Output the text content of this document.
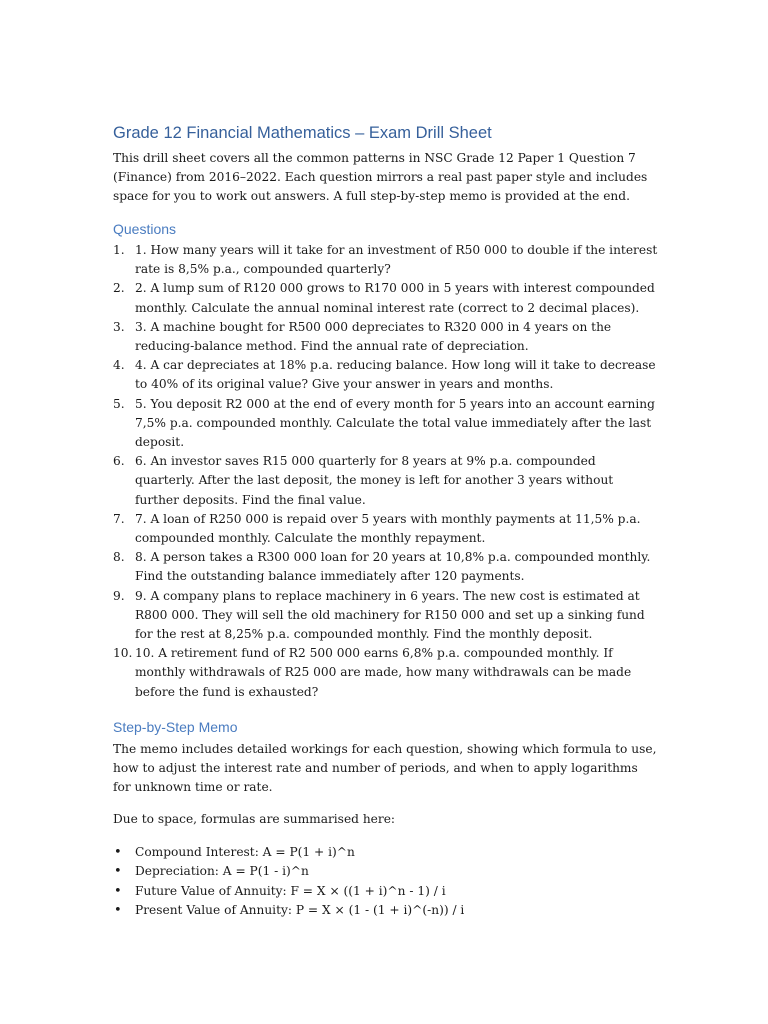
Grade 12 Financial Mathematics – Exam Drill Sheet

This drill sheet covers all the common patterns in NSC Grade 12 Paper 1 Question 7 (Finance) from 2016–2022. Each question mirrors a real past paper style and includes space for you to work out answers. A full step-by-step memo is provided at the end.

Questions
1. 1. How many years will it take for an investment of R50 000 to double if the interest rate is 8,5% p.a., compounded quarterly?
2. 2. A lump sum of R120 000 grows to R170 000 in 5 years with interest compounded monthly. Calculate the annual nominal interest rate (correct to 2 decimal places).
3. 3. A machine bought for R500 000 depreciates to R320 000 in 4 years on the reducing-balance method. Find the annual rate of depreciation.
4. 4. A car depreciates at 18% p.a. reducing balance. How long will it take to decrease to 40% of its original value? Give your answer in years and months.
5. 5. You deposit R2 000 at the end of every month for 5 years into an account earning 7,5% p.a. compounded monthly. Calculate the total value immediately after the last deposit.
6. 6. An investor saves R15 000 quarterly for 8 years at 9% p.a. compounded quarterly. After the last deposit, the money is left for another 3 years without further deposits. Find the final value.
7. 7. A loan of R250 000 is repaid over 5 years with monthly payments at 11,5% p.a. compounded monthly. Calculate the monthly repayment.
8. 8. A person takes a R300 000 loan for 20 years at 10,8% p.a. compounded monthly. Find the outstanding balance immediately after 120 payments.
9. 9. A company plans to replace machinery in 6 years. The new cost is estimated at R800 000. They will sell the old machinery for R150 000 and set up a sinking fund for the rest at 8,25% p.a. compounded monthly. Find the monthly deposit.
10. 10. A retirement fund of R2 500 000 earns 6,8% p.a. compounded monthly. If monthly withdrawals of R25 000 are made, how many withdrawals can be made before the fund is exhausted?
Step-by-Step Memo

The memo includes detailed workings for each question, showing which formula to use, how to adjust the interest rate and number of periods, and when to apply logarithms for unknown time or rate.

Due to space, formulas are summarised here:

• Compound Interest: A = P(1 + i)^n
• Depreciation: A = P(1 - i)^n
• Future Value of Annuity: F = X × ((1 + i)^n - 1) / i
• Present Value of Annuity: P = X × (1 - (1 + i)^(-n)) / i
